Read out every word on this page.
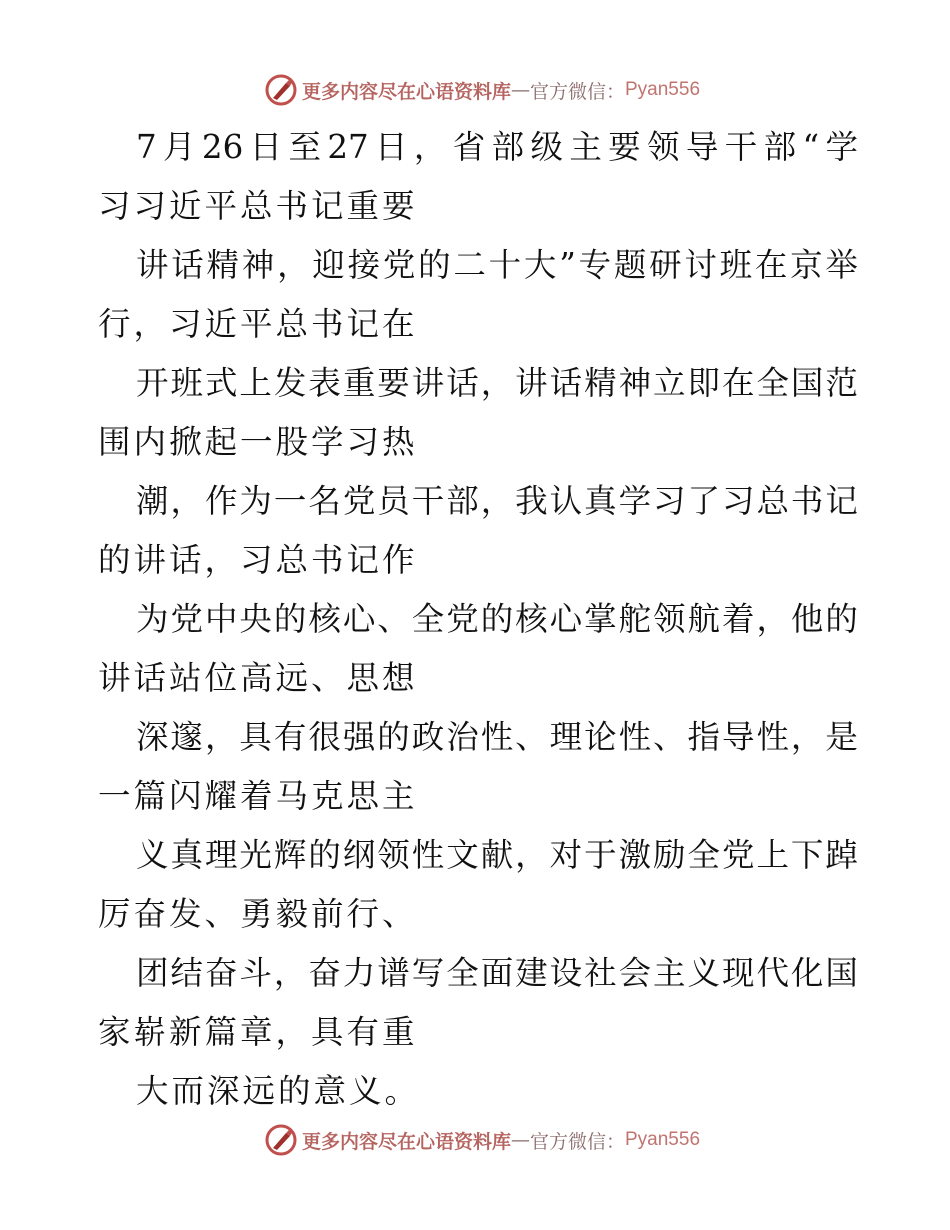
更多内容尽在心语资料库 — 官方微信： Pyan556
7 月 26 日 至 27 日 ， 省 部 级 主 要 领 导 干 部 “ 学
习习近平总书记重要
讲 话 精 神 ， 迎 接 党 的 二 十 大 ” 专 题 研 讨 班 在 京 举
行，习近平总书记在
开 班 式 上 发 表 重 要 讲 话 ， 讲 话 精 神 立 即 在 全 国 范
围内掀起一股学习热
潮 ， 作 为 一 名 党 员 干 部 ， 我 认 真 学 习 了 习 总 书 记
的讲话，习总书记作
为 党 中 央 的 核 心 、 全 党 的 核 心 掌 舵 领 航 着 ， 他 的
讲话站位高远、思想
深 邃 ， 具 有 很 强 的 政 治 性 、 理 论 性 、 指 导 性 ， 是
一篇闪耀着马克思主
义 真 理 光 辉 的 纲 领 性 文 献 ， 对 于 激 励 全 党 上 下 踔
厉奋发、勇毅前行、
团 结 奋 斗 ， 奋 力 谱 写 全 面 建 设 社 会 主 义 现 代 化 国
家崭新篇章，具有重
大而深远的意义。
更多内容尽在心语资料库 — 官方微信： Pyan556
